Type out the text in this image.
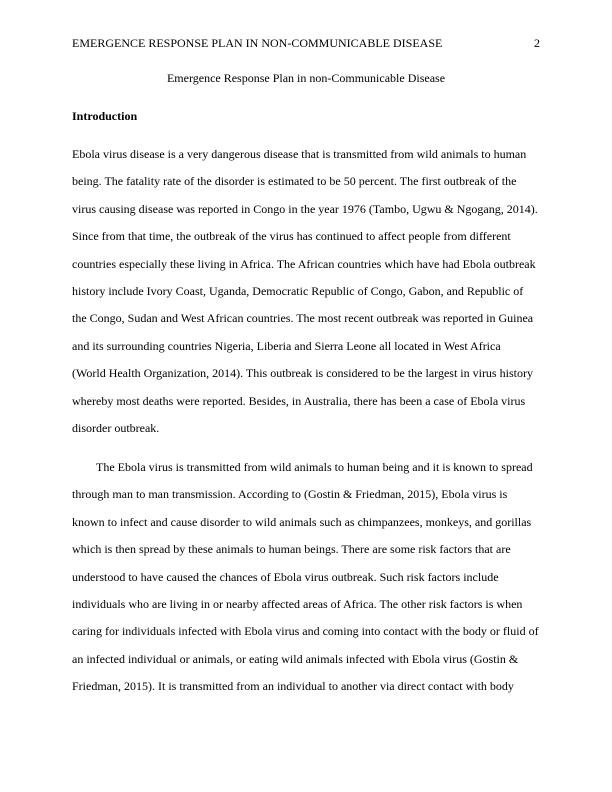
EMERGENCE RESPONSE PLAN IN NON-COMMUNICABLE DISEASE	2
Emergence Response Plan in non-Communicable Disease
Introduction
Ebola virus disease is a very dangerous disease that is transmitted from wild animals to human
being. The fatality rate of the disorder is estimated to be 50 percent. The first outbreak of the
virus causing disease was reported in Congo in the year 1976 (Tambo, Ugwu & Ngogang, 2014).
Since from that time, the outbreak of the virus has continued to affect people from different
countries especially these living in Africa. The African countries which have had Ebola outbreak
history include Ivory Coast, Uganda, Democratic Republic of Congo, Gabon, and Republic of
the Congo, Sudan and West African countries. The most recent outbreak was reported in Guinea
and its surrounding countries Nigeria, Liberia and Sierra Leone all located in West Africa
(World Health Organization, 2014). This outbreak is considered to be the largest in virus history
whereby most deaths were reported. Besides, in Australia, there has been a case of Ebola virus
disorder outbreak.
The Ebola virus is transmitted from wild animals to human being and it is known to spread
through man to man transmission. According to (Gostin & Friedman, 2015), Ebola virus is
known to infect and cause disorder to wild animals such as chimpanzees, monkeys, and gorillas
which is then spread by these animals to human beings. There are some risk factors that are
understood to have caused the chances of Ebola virus outbreak. Such risk factors include
individuals who are living in or nearby affected areas of Africa. The other risk factors is when
caring for individuals infected with Ebola virus and coming into contact with the body or fluid of
an infected individual or animals, or eating wild animals infected with Ebola virus (Gostin &
Friedman, 2015). It is transmitted from an individual to another via direct contact with body
